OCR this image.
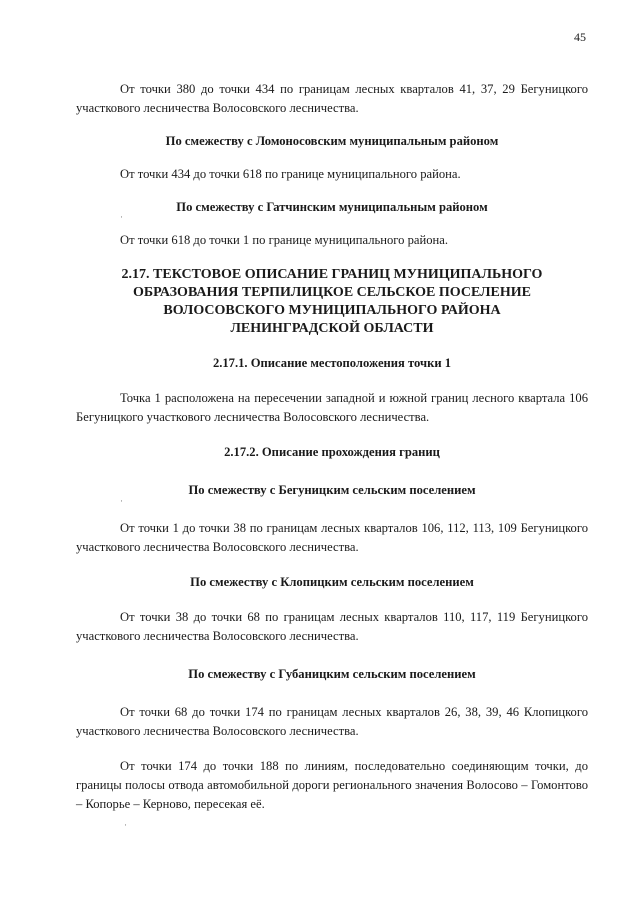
45

От точки 380 до точки 434 по границам лесных кварталов 41, 37, 29 Бегуницкого участкового лесничества Волосовского лесничества.

По смежеству с Ломоносовским муниципальным районом

От точки 434 до точки 618 по границе муниципального района.

По смежеству с Гатчинским муниципальным районом

От точки 618 до точки 1 по границе муниципального района.

2.17. ТЕКСТОВОЕ ОПИСАНИЕ ГРАНИЦ МУНИЦИПАЛЬНОГО
ОБРАЗОВАНИЯ ТЕРПИЛИЦКОЕ СЕЛЬСКОЕ ПОСЕЛЕНИЕ
ВОЛОСОВСКОГО МУНИЦИПАЛЬНОГО РАЙОНА
ЛЕНИНГРАДСКОЙ ОБЛАСТИ

2.17.1. Описание местоположения точки 1

Точка 1 расположена на пересечении западной и южной границ лесного квартала 106 Бегуницкого участкового лесничества Волосовского лесничества.

2.17.2. Описание прохождения границ

По смежеству с Бегуницким сельским поселением

От точки 1 до точки 38 по границам лесных кварталов 106, 112, 113, 109 Бегуницкого участкового лесничества Волосовского лесничества.

По смежеству с Клопицким сельским поселением

От точки 38 до точки 68 по границам лесных кварталов 110, 117, 119 Бегуницкого участкового лесничества Волосовского лесничества.

По смежеству с Губаницким сельским поселением

От точки 68 до точки 174 по границам лесных кварталов 26, 38, 39, 46 Клопицкого участкового лесничества Волосовского лесничества.

От точки 174 до точки 188 по линиям, последовательно соединяющим точки, до границы полосы отвода автомобильной дороги регионального значения Волосово – Гомонтово – Копорье – Керново, пересекая её.

·
·
·
